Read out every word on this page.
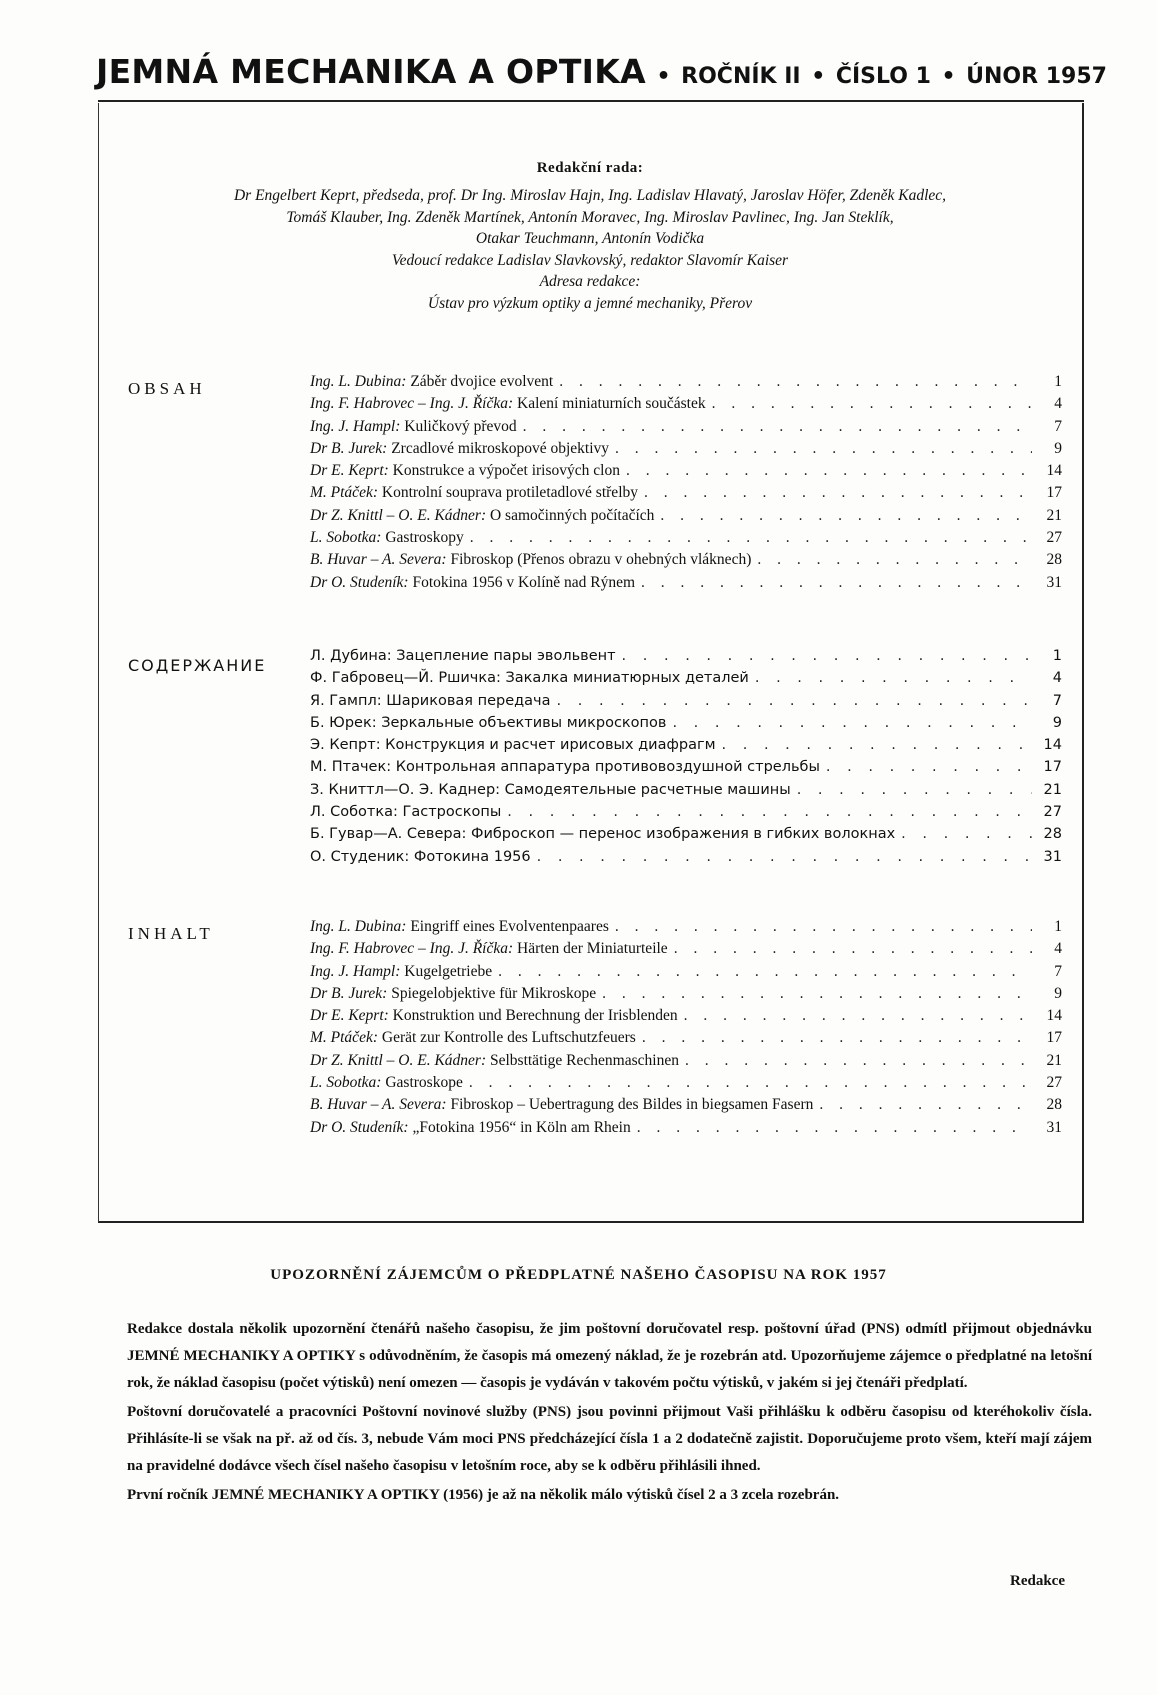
JEMNÁ MECHANIKA A OPTIKA • ROČNÍK II • ČÍSLO 1 • ÚNOR 1957
Redakční rada:
Dr Engelbert Keprt, předseda, prof. Dr Ing. Miroslav Hajn, Ing. Ladislav Hlavatý, Jaroslav Höfer, Zdeněk Kadlec,
Tomáš Klauber, Ing. Zdeněk Martínek, Antonín Moravec, Ing. Miroslav Pavlinec, Ing. Jan Steklík,
Otakar Teuchmann, Antonín Vodička
Vedoucí redakce Ladislav Slavkovský, redaktor Slavomír Kaiser
Adresa redakce:
Ústav pro výzkum optiky a jemné mechaniky, Přerov
OBSAH	Ing. L. Dubina: Záběr dvojice evolvent . . .	1
Ing. F. Habrovec – Ing. J. Říčka: Kalení miniaturních součástek . . .	4
Ing. J. Hampl: Kuličkový převod . . .	7
Dr B. Jurek: Zrcadlové mikroskopové objektivy . . .	9
Dr E. Keprt: Konstrukce a výpočet irisových clon . . .	14
M. Ptáček: Kontrolní souprava protiletadlové střelby . . .	17
Dr Z. Knittl – O. E. Kádner: O samočinných počítačích . . .	21
L. Sobotka: Gastroskopy . . .	27
B. Huvar – A. Severa: Fibroskop (Přenos obrazu v ohebných vláknech) . . .	28
Dr O. Studeník: Fotokina 1956 v Kolíně nad Rýnem . . .	31
СОДЕРЖАНИЕ	Л. Дубина: Зацепление пары эвольвент . . .	1
Ф. Габровец—Й. Ршичка: Закалка миниатюрных деталей . . .	4
Я. Гампл: Шариковая передача . . .	7
Б. Юрек: Зеркальные объективы микроскопов . . .	9
Э. Кепрт: Конструкция и расчет ирисовых диафрагм . . .	14
М. Птачек: Контрольная аппаратура противовоздушной стрельбы . . .	17
З. Книттл—О. Э. Каднер: Самодеятельные расчетные машины . . .	21
Л. Соботка: Гастроскопы . . .	27
Б. Гувар—А. Севера: Фиброскоп — перенос изображения в гибких волокнах . . .	28
О. Студеник: Фотокина 1956 . . .	31
INHALT	Ing. L. Dubina: Eingriff eines Evolventenpaares . . .	1
Ing. F. Habrovec – Ing. J. Říčka: Härten der Miniaturteile . . .	4
Ing. J. Hampl: Kugelgetriebe . . .	7
Dr B. Jurek: Spiegelobjektive für Mikroskope . . .	9
Dr E. Keprt: Konstruktion und Berechnung der Irisblenden . . .	14
M. Ptáček: Gerät zur Kontrolle des Luftschutzfeuers . . .	17
Dr Z. Knittl – O. E. Kádner: Selbsttätige Rechenmaschinen . . .	21
L. Sobotka: Gastroskope . . .	27
B. Huvar – A. Severa: Fibroskop – Uebertragung des Bildes in biegsamen Fasern . . .	28
Dr O. Studeník: „Fotokina 1956“ in Köln am Rhein . . .	31
UPOZORNĚNÍ ZÁJEMCŮM O PŘEDPLATNÉ NAŠEHO ČASOPISU NA ROK 1957

Redakce dostala několik upozornění čtenářů našeho časopisu, že jim poštovní doručovatel resp. poštovní úřad (PNS) odmítl přijmout objednávku JEMNÉ MECHANIKY A OPTIKY s odůvodněním, že časopis má omezený náklad, že je rozebrán atd. Upozorňujeme zájemce o předplatné na letošní rok, že náklad časopisu (počet výtisků) není omezen — časopis je vydáván v takovém počtu výtisků, v jakém si jej čtenáři předplatí.

Poštovní doručovatelé a pracovníci Poštovní novinové služby (PNS) jsou povinni přijmout Vaši přihlášku k odběru časopisu od kteréhokoliv čísla. Přihlásíte-li se však na př. až od čís. 3, nebude Vám moci PNS předcházející čísla 1 a 2 dodatečně zajistit. Doporučujeme proto všem, kteří mají zájem na pravidelné dodávce všech čísel našeho časopisu v letošním roce, aby se k odběru přihlásili ihned.

První ročník JEMNÉ MECHANIKY A OPTIKY (1956) je až na několik málo výtisků čísel 2 a 3 zcela rozebrán.

Redakce
